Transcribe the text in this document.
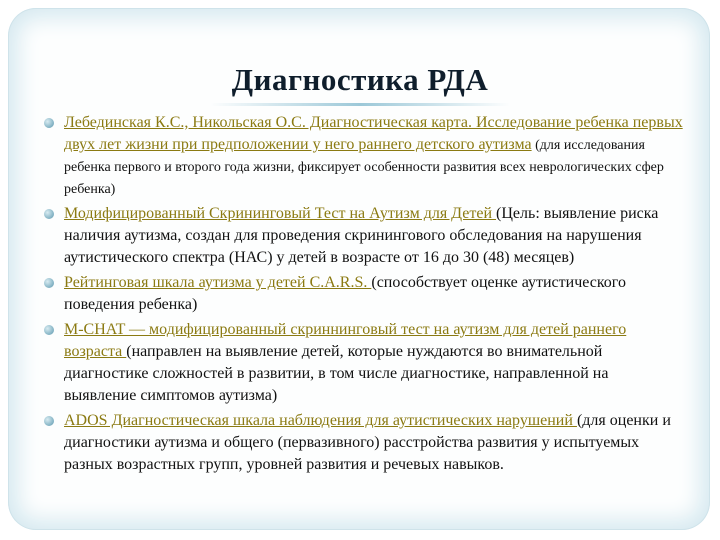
Диагностика РДА
Лебединская К.С., Никольская О.С. Диагностическая карта. Исследование ребенка первых двух лет жизни при предположении у него раннего детского аутизма (для исследования ребенка первого и второго года жизни, фиксирует особенности развития всех неврологических сфер ребенка)
Модифицированный Скрининговый Тест на Аутизм для Детей (Цель: выявление риска наличия аутизма, создан для проведения скринингового обследования на нарушения аутистического спектра (НАС) у детей в возрасте от 16 до 30 (48) месяцев)
Рейтинговая шкала аутизма у детей C.A.R.S. (способствует оценке аутистического поведения ребенка)
M-CHAT — модифицированный скриннинговый тест на аутизм для детей раннего возраста (направлен на выявление детей, которые нуждаются во внимательной диагностике сложностей в развитии, в том числе диагностике, направленной на выявление симптомов аутизма)
ADOS Диагностическая шкала наблюдения для аутистических нарушений (для оценки и диагностики аутизма и общего (первазивного) расстройства развития у испытуемых разных возрастных групп, уровней развития и речевых навыков.
